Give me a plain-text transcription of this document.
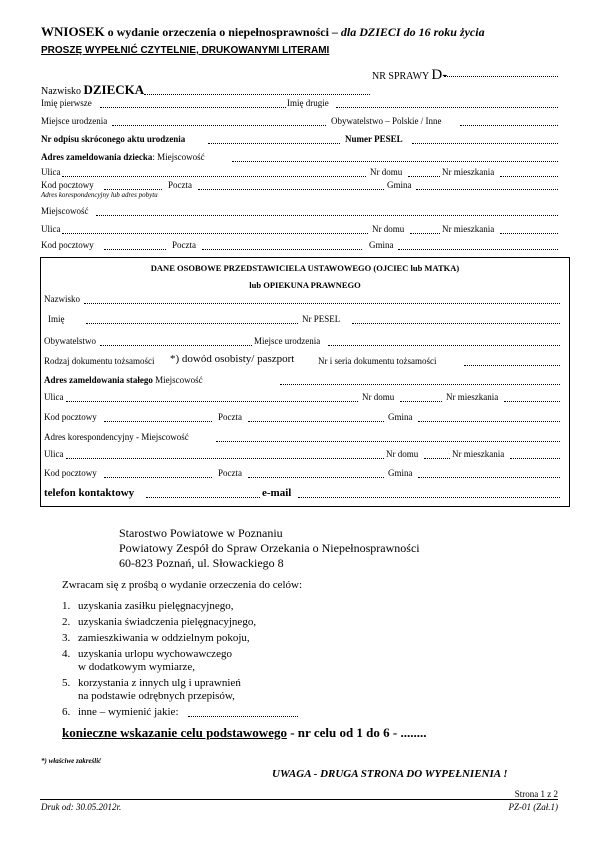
WNIOSEK o wydanie orzeczenia o niepełnosprawności – dla DZIECI do 16 roku życia
PROSZĘ WYPEŁNIĆ CZYTELNIE, DRUKOWANYMI LITERAMI
NR SPRAWY D-
Nazwisko DZIECKA
Imię pierwsze	Imię drugie
Miejsce urodzenia	Obywatelstwo – Polskie / Inne
Nr odpisu skróconego aktu urodzenia	Numer PESEL
Adres zameldowania dziecka: Miejscowość
Ulica	Nr domu	Nr mieszkania
Kod pocztowy	Poczta	Gmina
Adres korespondencyjny lub adres pobytu
Miejscowość
Ulica	Nr domu	Nr mieszkania
Kod pocztowy	Poczta	Gmina
DANE OSOBOWE PRZEDSTAWICIELA USTAWOWEGO (OJCIEC lub MATKA)
lub OPIEKUNA PRAWNEGO
Nazwisko
Imię	Nr PESEL
Obywatelstwo	Miejsce urodzenia
Rodzaj dokumentu tożsamości *) dowód osobisty/ paszport	Nr i seria dokumentu tożsamości
Adres zameldowania stałego Miejscowość
Ulica	Nr domu	Nr mieszkania
Kod pocztowy	Poczta	Gmina
Adres korespondencyjny - Miejscowość
Ulica	Nr domu	Nr mieszkania
Kod pocztowy	Poczta	Gmina
telefon kontaktowy	e-mail
Starostwo Powiatowe w Poznaniu
Powiatowy Zespół do Spraw Orzekania o Niepełnosprawności
60-823 Poznań, ul. Słowackiego 8
Zwracam się z prośbą o wydanie orzeczenia do celów:
1. uzyskania zasiłku pielęgnacyjnego,
2. uzyskania świadczenia pielęgnacyjnego,
3. zamieszkiwania w oddzielnym pokoju,
4. uzyskania urlopu wychowawczego
w dodatkowym wymiarze,
5. korzystania z innych ulg i uprawnień
na podstawie odrębnych przepisów,
6. inne – wymienić jakie:
konieczne wskazanie celu podstawowego - nr celu od 1 do 6 - ........
*) właściwe zakreślić
UWAGA - DRUGA STRONA DO WYPEŁNIENIA !
Strona 1 z 2
Druk od: 30.05.2012r.	PZ-01 (Zał.1)
